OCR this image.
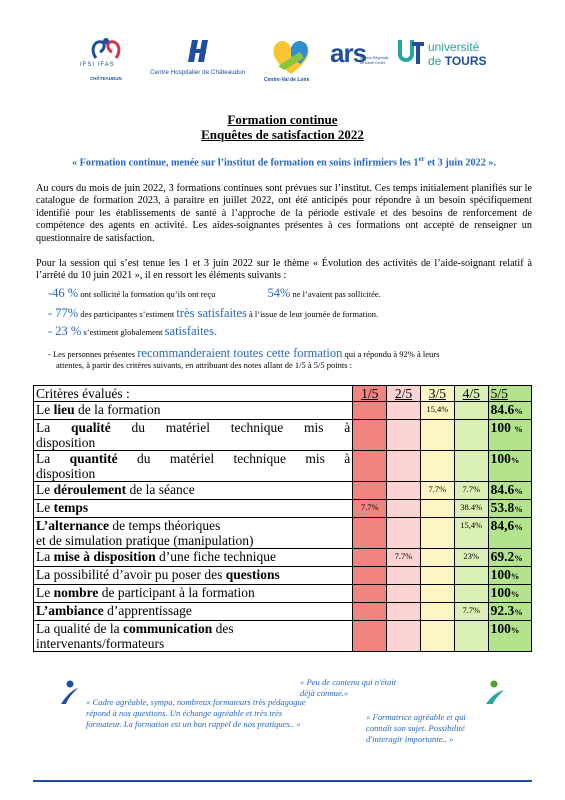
IFSI IFAS
CHÂTEAUDUN
Centre Hospitalier de Châteaudun
Centre-Val de Loire
ars
Agence Régionale de Santé Centre
université
de TOURS
Formation continue
Enquêtes de satisfaction 2022
« Formation continue, menée sur l’institut de formation en soins infirmiers les 1er et 3 juin 2022 ».
Au cours du mois de juin 2022, 3 formations continues sont prévues sur l’institut. Ces temps initialement planifiés sur le catalogue de formation 2023, à paraitre en juillet 2022, ont été anticipés pour répondre à un besoin spécifiquement identifié pour les établissements de santé à l’approche de la période estivale et des besoins de renforcement de compétence des agents en activité. Les aides-soignantes présentes à ces formations ont accepté de renseigner un questionnaire de satisfaction.
Pour la session qui s’est tenue les 1 et 3 juin 2022 sur le thème « Évolution des activités de l’aide-soignant relatif à l’arrêté du 10 juin 2021 », il en ressort les éléments suivants :
-46 % ont sollicité la formation qu’ils ont reçu	54% ne l’avaient pas sollicitée.
- 77% des participantes s’estiment très satisfaites à l’issue de leur journée de formation.
- 23 % s’estiment globalement satisfaites.
- Les personnes présentes recommanderaient toutes cette formation qui a répondu à 92% à leurs
attentes, à partir des critères suivants, en attribuant des notes allant de 1/5 à 5/5 points :
Critères évalués :	1/5	2/5	3/5	4/5	5/5

Le lieu de la formation			15,4%		84.6%

La qualité du matériel technique mis à
disposition					100 %

La quantité du matériel technique mis à
disposition					100%

Le déroulement de la séance			7.7%	7.7%	84.6%

Le temps	7.7%			38.4%	53.8%

L’alternance de temps théoriques
et de simulation pratique (manipulation)				15,4%	84,6%

La mise à disposition d’une fiche technique		7.7%		23%	69.2%

La possibilité d’avoir pu poser des questions					100%

Le nombre de participant à la formation					100%

L’ambiance d’apprentissage				7.7%	92.3%

La qualité de la communication des
intervenants/formateurs					100%
« Peu de contenu qui n'était déjà connue.»
« Cadre agréable, sympa, nombreux formateurs très pédagogue répond à nos questions. Un échange agréable et très très formateur. La formation est un bon rappel de nos pratiques.. »
« Formatrice agréable et qui connaît son sujet. Possibilité d'interagir importante.. »
